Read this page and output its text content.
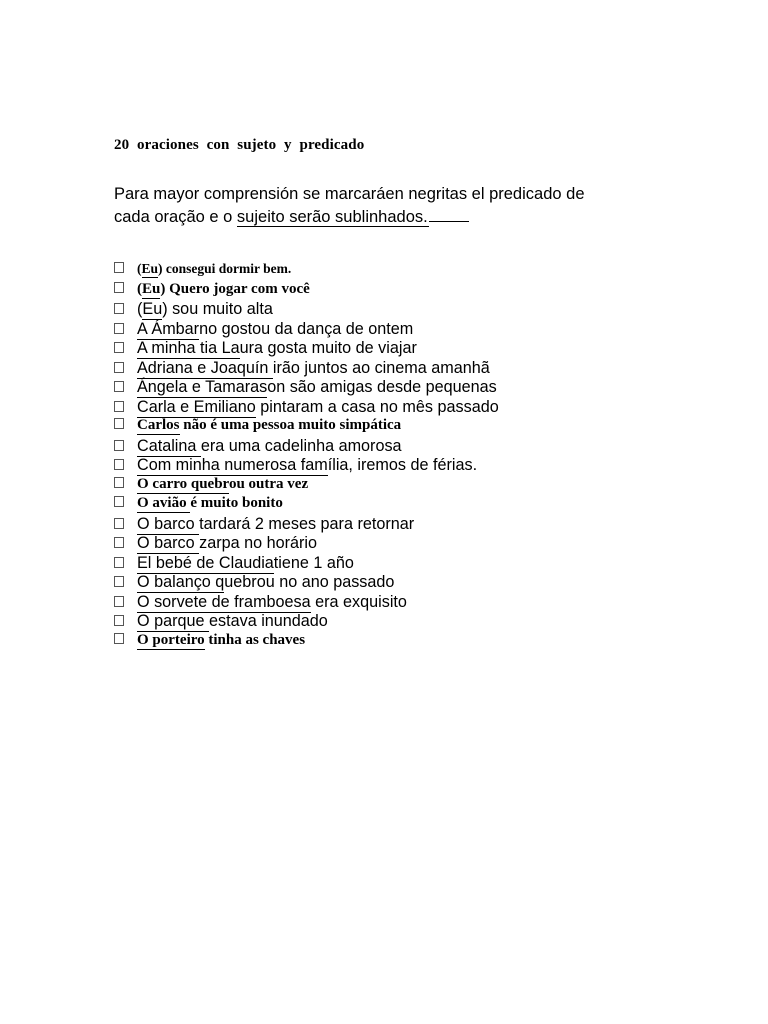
20 oraciones con sujeto y predicado
Para mayor comprensión se marcaráen negritas el predicado de
cada oração e o sujeito serão sublinhados.
(Eu) consegui dormir bem.
(Eu) Quero jogar com você
(Eu) sou muito alta
A Ámbarno gostou da dança de ontem
A minha tia Laura gosta muito de viajar
Adriana e Joaquín irão juntos ao cinema amanhã
Ángela e Tamarason são amigas desde pequenas
Carla e Emiliano pintaram a casa no mês passado
Carlos não é uma pessoa muito simpática
Catalina era uma cadelinha amorosa
Com minha numerosa família, iremos de férias.
O carro quebrou outra vez
O avião é muito bonito
O barco tardará 2 meses para retornar
O barco zarpa no horário
El bebé de Claudiatiene 1 año
O balanço quebrou no ano passado
O sorvete de framboesa era exquisito
O parque estava inundado
O porteiro tinha as chaves
